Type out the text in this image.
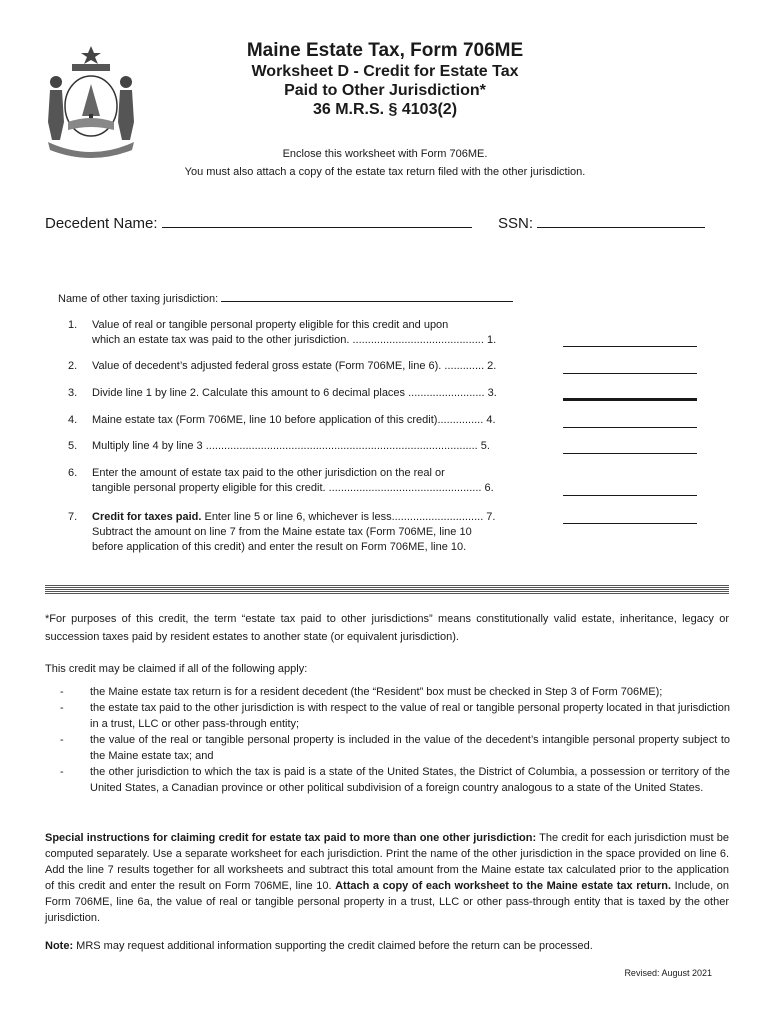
Maine Estate Tax, Form 706ME
Worksheet D - Credit for Estate Tax
Paid to Other Jurisdiction*
36 M.R.S. § 4103(2)
Enclose this worksheet with Form 706ME.
You must also attach a copy of the estate tax return filed with the other jurisdiction.
Decedent Name:	SSN:
Name of other taxing jurisdiction:
1. Value of real or tangible personal property eligible for this credit and upon
which an estate tax was paid to the other jurisdiction. ........................................... 1.
2. Value of decedent’s adjusted federal gross estate (Form 706ME, line 6). ............. 2.
3. Divide line 1 by line 2. Calculate this amount to 6 decimal places ......................... 3.
4. Maine estate tax (Form 706ME, line 10 before application of this credit)............... 4.
5. Multiply line 4 by line 3 ......................................................................................... 5.
6. Enter the amount of estate tax paid to the other jurisdiction on the real or
tangible personal property eligible for this credit. .................................................. 6.
7. Credit for taxes paid. Enter line 5 or line 6, whichever is less.............................. 7.
Subtract the amount on line 7 from the Maine estate tax (Form 706ME, line 10
before application of this credit) and enter the result on Form 706ME, line 10.
*For purposes of this credit, the term “estate tax paid to other jurisdictions” means constitutionally valid estate, inheritance, legacy or succession taxes paid by resident estates to another state (or equivalent jurisdiction).
This credit may be claimed if all of the following apply:
- the Maine estate tax return is for a resident decedent (the “Resident” box must be checked in Step 3 of Form 706ME);
- the estate tax paid to the other jurisdiction is with respect to the value of real or tangible personal property located in that jurisdiction in a trust, LLC or other pass-through entity;
- the value of the real or tangible personal property is included in the value of the decedent’s intangible personal property subject to the Maine estate tax; and
- the other jurisdiction to which the tax is paid is a state of the United States, the District of Columbia, a possession or territory of the United States, a Canadian province or other political subdivision of a foreign country analogous to a state of the United States.
Special instructions for claiming credit for estate tax paid to more than one other jurisdiction: The credit for each jurisdiction must be computed separately. Use a separate worksheet for each jurisdiction. Print the name of the other jurisdiction in the space provided on line 6. Add the line 7 results together for all worksheets and subtract this total amount from the Maine estate tax calculated prior to the application of this credit and enter the result on Form 706ME, line 10. Attach a copy of each worksheet to the Maine estate tax return. Include, on Form 706ME, line 6a, the value of real or tangible personal property in a trust, LLC or other pass-through entity that is taxed by the other jurisdiction.
Note: MRS may request additional information supporting the credit claimed before the return can be processed.
Revised: August 2021
